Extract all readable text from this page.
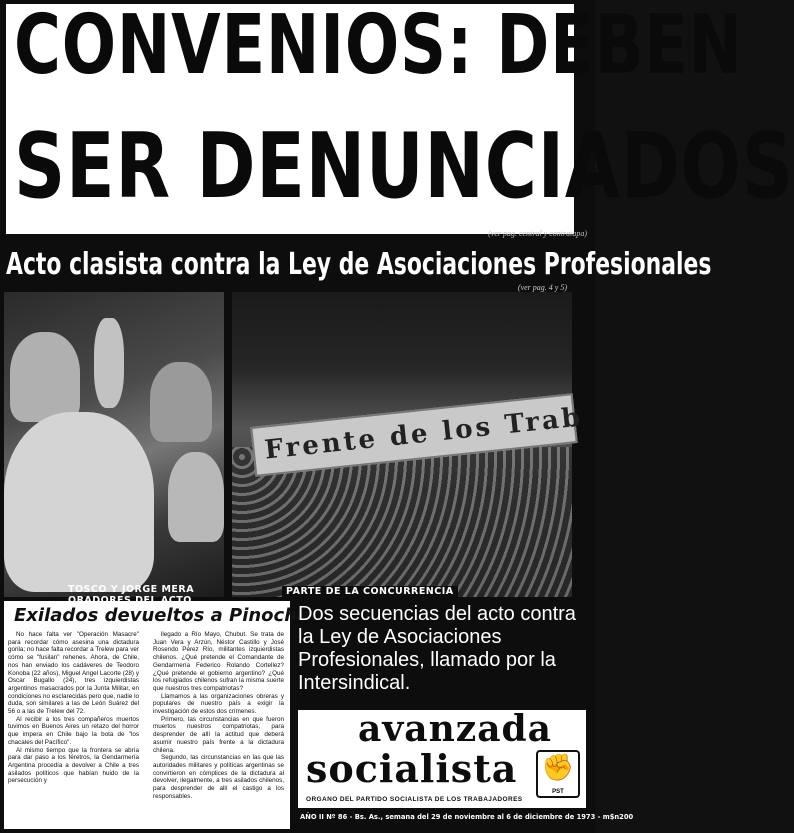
CONVENIOS: DEBEN
SER DENUNCIADOS
(ver pag. central y contratapa)
Acto clasista contra la Ley de Asociaciones Profesionales
(ver pag. 4 y 5)
TOSCO Y JORGE MERA
Frente de los Trab
PARTE DE LA CONCURRENCIA
Exilados devueltos a Pinochet

No hace falta ver "Operación Masacre" para recordar cómo asesina una dictadura gorila; no hace falta recordar a Trelew para ver cómo se "fusilan" rehenes. Ahora, de Chile, nos han enviado los cadáveres de Teodoro Konoba (22 años), Miguel Angel Lacorte (28) y Oscar Bugallo (24), tres izquierdistas argentinos masacrados por la Junta Militar, en condiciones no esclarecidas pero que, nadie lo duda, son similares a las de León Suárez del 56 o a las de Trelew del 72.

Al recibir a los tres compañeros muertos tuvimos en Buenos Aires un retazo del horror que impera en Chile bajo la bota de "los chacales del Pacífico".

Al mismo tiempo que la frontera se abría para dar paso a los féretros, la Gendarmería Argentina procedía a devolver a Chile a tres asilados políticos que habían huido de la persecución y

llegado a Río Mayo, Chubut. Se trata de Juan Vera y Arzún, Néstor Castillo y José Rosendo Pérez Río, militantes izquierdistas chilenos. ¿Qué pretende el Comandante de Gendarmería Federico Rolando Cortellez? ¿Qué pretende el gobierno argentino? ¿Qué los refugiados chilenos sufran la misma suerte que nuestros tres compatriotas?

Llamamos a las organizaciones obreras y populares de nuestro país a exigir la investigación de estos dos crímenes.

Primero, las circunstancias en que fueron muertos nuestros compatriotas, para desprender de allí la actitud que deberá asumir nuestro país frente a la dictadura chilena.

Segundo, las circunstancias en las que las autoridades militares y políticas argentinas se convirtieron en cómplices de la dictadura al devolver, ilegalmente, a tres asilados chilenos, para desprender de allí el castigo a los responsables.

Dos secuencias del acto contra la Ley de Asociaciones Profesionales, llamado por la Intersindical.
avanzada
socialista ✊
PST
ORGANO DEL PARTIDO SOCIALISTA DE LOS TRABAJADORES
AÑO II Nº 86 - Bs. As., semana del 29 de noviembre al 6 de diciembre de 1973 - m$n200
